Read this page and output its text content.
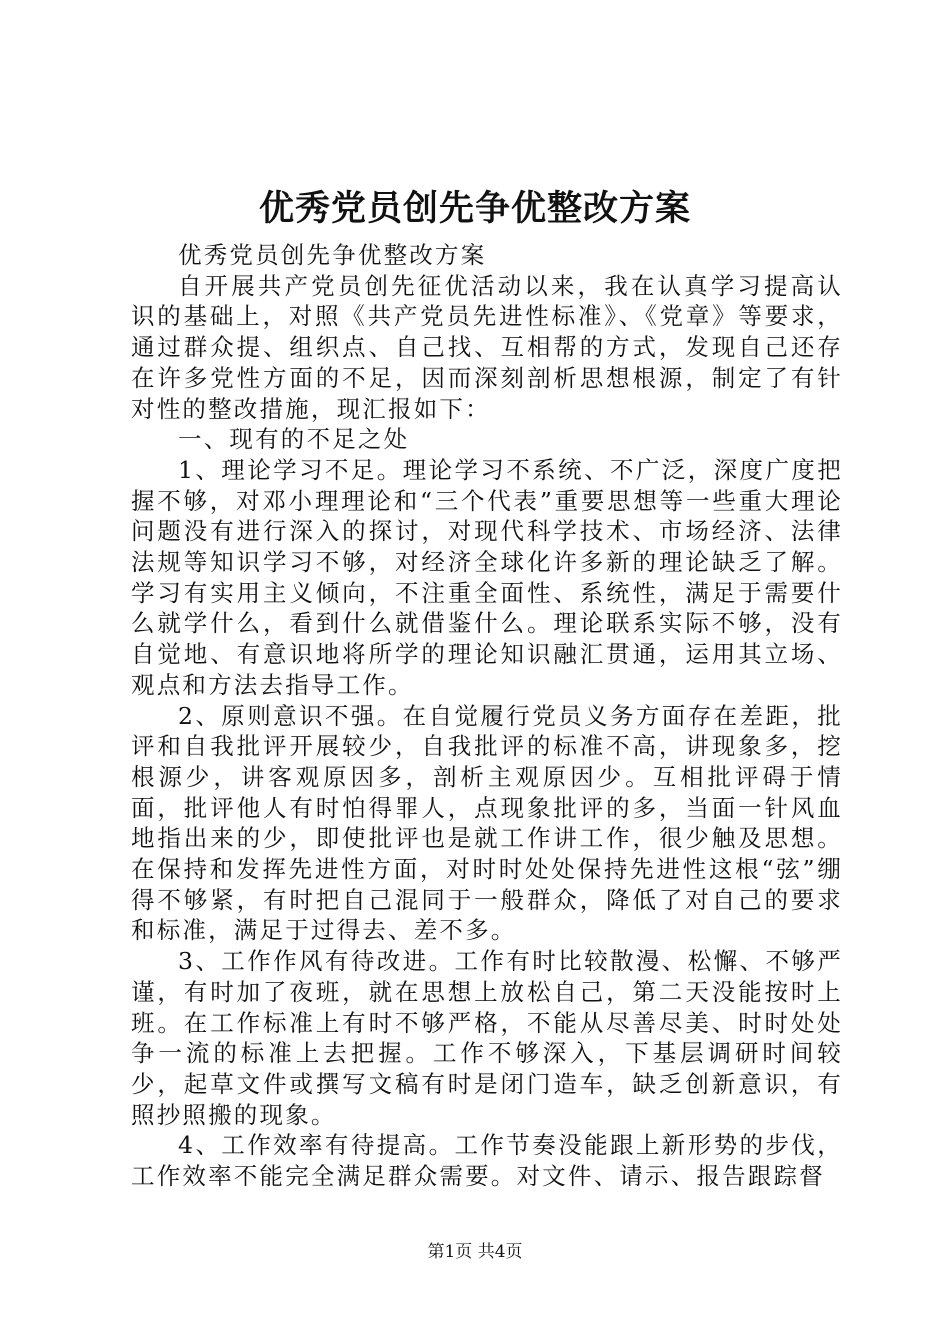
优秀党员创先争优整改方案

优秀党员创先争优整改方案

自开展共产党员创先征优活动以来，我在认真学习提高认识的基础上，对照《共产党员先进性标准》、《党章》等要求，通过群众提、组织点、自己找、互相帮的方式，发现自己还存在许多党性方面的不足，因而深刻剖析思想根源，制定了有针对性的整改措施，现汇报如下：

一、现有的不足之处

1、理论学习不足。理论学习不系统、不广泛，深度广度把握不够，对邓小理理论和“三个代表”重要思想等一些重大理论问题没有进行深入的探讨，对现代科学技术、市场经济、法律法规等知识学习不够，对经济全球化许多新的理论缺乏了解。学习有实用主义倾向，不注重全面性、系统性，满足于需要什么就学什么，看到什么就借鉴什么。理论联系实际不够，没有自觉地、有意识地将所学的理论知识融汇贯通，运用其立场、观点和方法去指导工作。

2、原则意识不强。在自觉履行党员义务方面存在差距，批评和自我批评开展较少，自我批评的标准不高，讲现象多，挖根源少，讲客观原因多，剖析主观原因少。互相批评碍于情面，批评他人有时怕得罪人，点现象批评的多，当面一针风血地指出来的少，即使批评也是就工作讲工作，很少触及思想。在保持和发挥先进性方面，对时时处处保持先进性这根“弦”绷得不够紧，有时把自己混同于一般群众，降低了对自己的要求和标准，满足于过得去、差不多。

3、工作作风有待改进。工作有时比较散漫、松懈、不够严谨，有时加了夜班，就在思想上放松自己，第二天没能按时上班。在工作标准上有时不够严格，不能从尽善尽美、时时处处争一流的标准上去把握。工作不够深入，下基层调研时间较少，起草文件或撰写文稿有时是闭门造车，缺乏创新意识，有照抄照搬的现象。

4、工作效率有待提高。工作节奏没能跟上新形势的步伐，工作效率不能完全满足群众需要。对文件、请示、报告跟踪督

第1页 共4页
